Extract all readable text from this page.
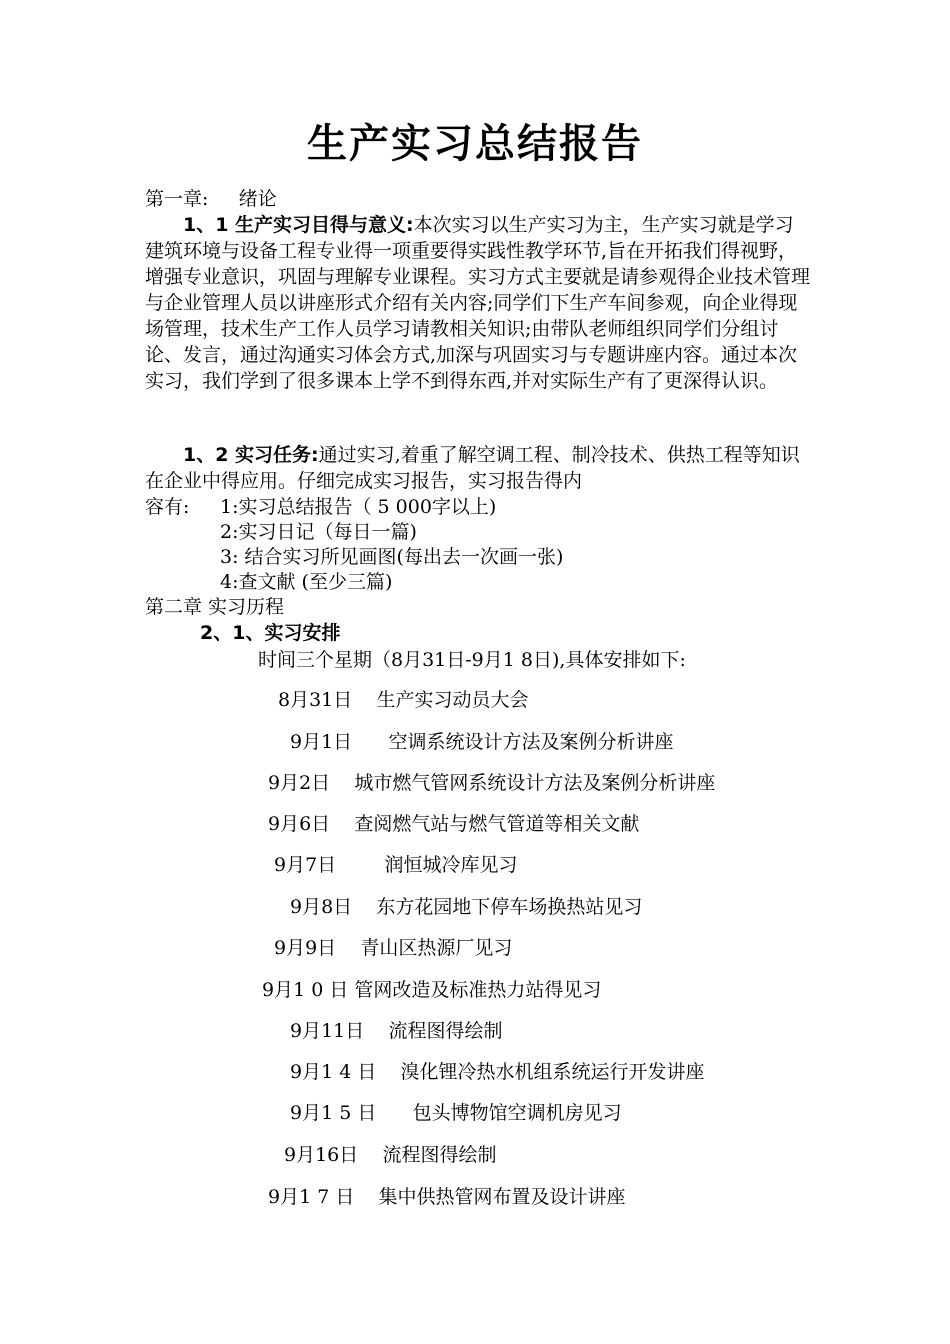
生产实习总结报告
第一章:     绪论
1、1 生产实习目得与意义:本次实习以生产实习为主，生产实习就是学习建筑环境与设备工程专业得一项重要得实践性教学环节,旨在开拓我们得视野，增强专业意识，巩固与理解专业课程。实习方式主要就是请参观得企业技术管理与企业管理人员以讲座形式介绍有关内容;同学们下生产车间参观，向企业得现场管理，技术生产工作人员学习请教相关知识;由带队老师组织同学们分组讨论、发言，通过沟通实习体会方式,加深与巩固实习与专题讲座内容。通过本次实习，我们学到了很多课本上学不到得东西,并对实际生产有了更深得认识。
1、2 实习任务:通过实习,着重了解空调工程、制冷技术、供热工程等知识在企业中得应用。仔细完成实习报告，实习报告得内
容有: 1:实习总结报告（ 5 000字以上)
2:实习日记（每日一篇)
3: 结合实习所见画图(每出去一次画一张)
4:查文献 (至少三篇)
第二章 实习历程
2、1、实习安排
时间三个星期（8月31日-9月1 8日),具体安排如下:
8月31日 生产实习动员大会
9月1日 空调系统设计方法及案例分析讲座
9月2日 城市燃气管网系统设计方法及案例分析讲座
9月6日 查阅燃气站与燃气管道等相关文献
9月7日	润恒城冷库见习
9月8日 东方花园地下停车场换热站见习
9月9日 青山区热源厂见习
9月1 0 日 管网改造及标准热力站得见习
9月11日 流程图得绘制
9月1 4 日 溴化锂冷热水机组系统运行开发讲座
9月1 5 日 包头博物馆空调机房见习
9月16日 流程图得绘制
9月1 7 日 集中供热管网布置及设计讲座
